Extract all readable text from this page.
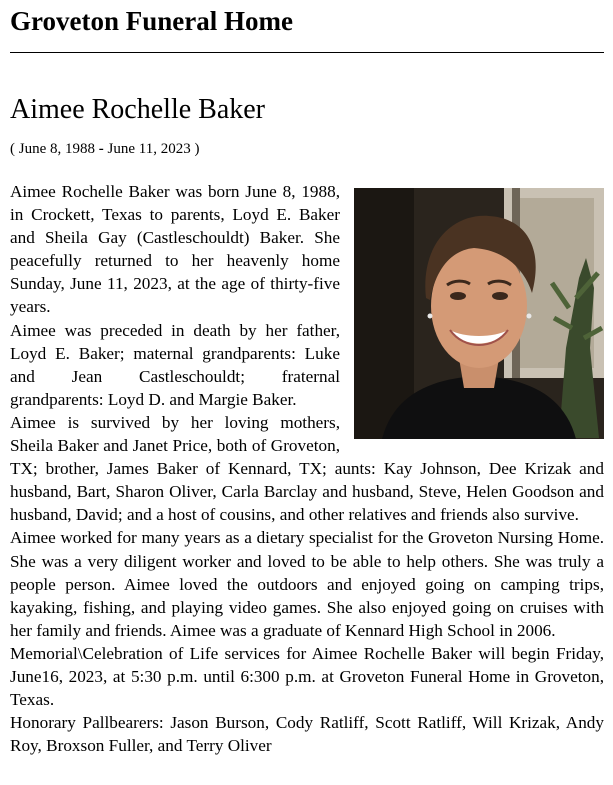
Groveton Funeral Home
Aimee Rochelle Baker
( June 8, 1988 - June 11, 2023 )

Aimee Rochelle Baker was born June 8, 1988, in Crockett, Texas to parents, Loyd E. Baker and Sheila Gay (Castleschouldt) Baker. She peacefully returned to her heavenly home Sunday, June 11, 2023, at the age of thirty-five years.

Aimee was preceded in death by her father, Loyd E. Baker; maternal grandparents: Luke and Jean Castleschouldt; fraternal grandparents: Loyd D. and Margie Baker.

Aimee is survived by her loving mothers, Sheila Baker and Janet Price, both of Groveton, TX; brother, James Baker of Kennard, TX; aunts: Kay Johnson, Dee Krizak and husband, Bart, Sharon Oliver, Carla Barclay and husband, Steve, Helen Goodson and husband, David; and a host of cousins, and other relatives and friends also survive.

Aimee worked for many years as a dietary specialist for the Groveton Nursing Home. She was a very diligent worker and loved to be able to help others. She was truly a people person. Aimee loved the outdoors and enjoyed going on camping trips, kayaking, fishing, and playing video games. She also enjoyed going on cruises with her family and friends. Aimee was a graduate of Kennard High School in 2006.

Memorial\Celebration of Life services for Aimee Rochelle Baker will begin Friday, June16, 2023, at 5:30 p.m. until 6:300 p.m. at Groveton Funeral Home in Groveton, Texas.

Honorary Pallbearers: Jason Burson, Cody Ratliff, Scott Ratliff, Will Krizak, Andy Roy, Broxson Fuller, and Terry Oliver
